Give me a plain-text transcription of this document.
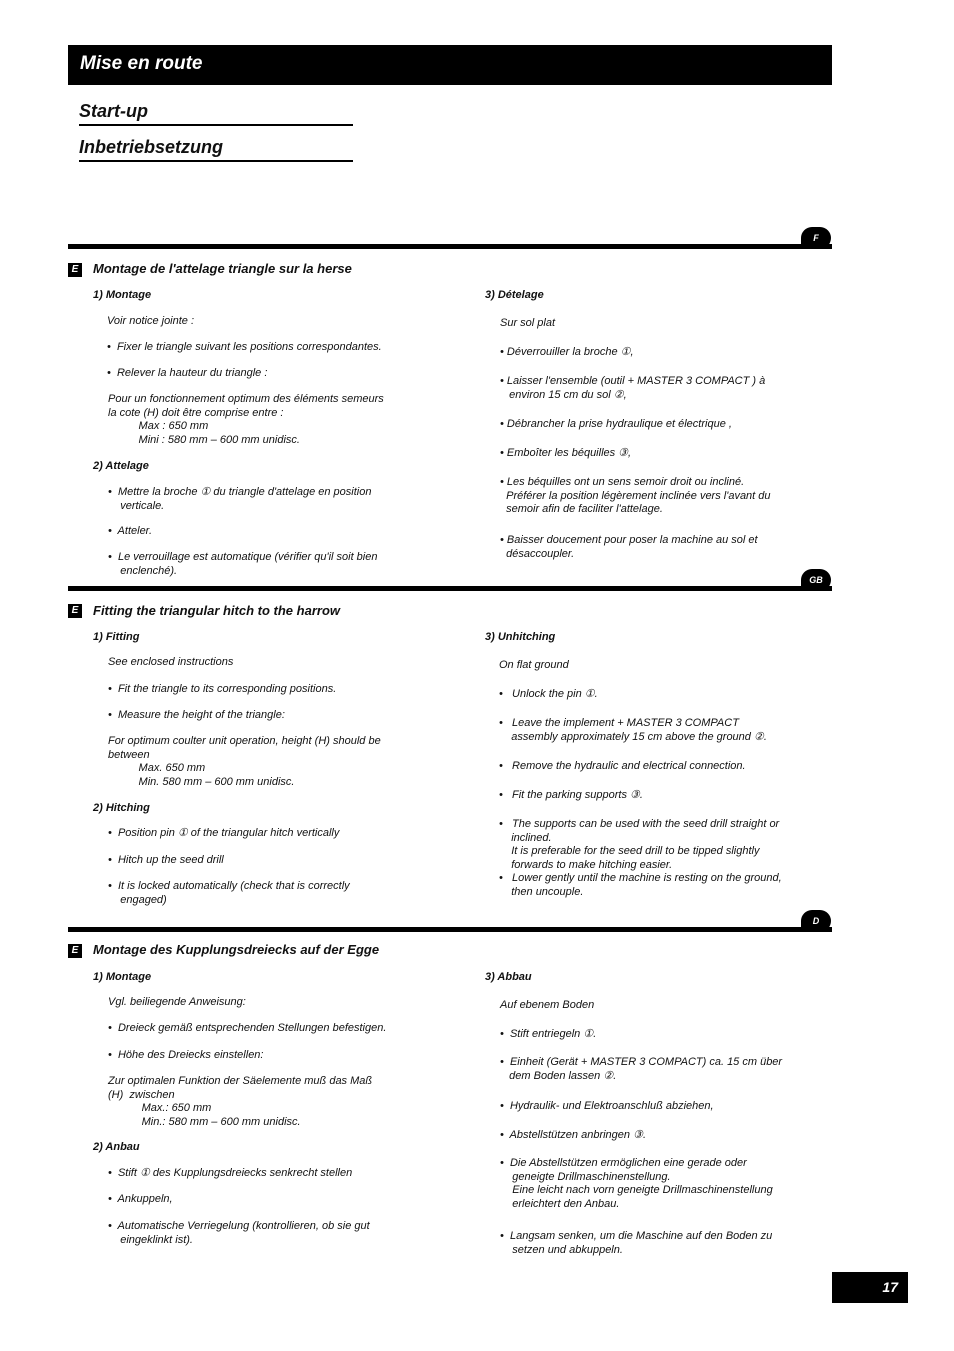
Mise en route
Start-up
Inbetriebsetzung
F
E Montage de l'attelage triangle sur la herse
1) Montage
Voir notice jointe :
•  Fixer le triangle suivant les positions correspondantes.
•  Relever la hauteur du triangle :
Pour un fonctionnement optimum des éléments semeurs
la cote (H) doit être comprise entre :
Max : 650 mm
Mini : 580 mm – 600 mm unidisc.
2) Attelage
•  Mettre la broche ① du triangle d'attelage en position
verticale.
•  Atteler.
•  Le verrouillage est automatique (vérifier qu'il soit bien
enclenché).
3) Dételage
Sur sol plat
• Déverrouiller la broche ①,
• Laisser l'ensemble (outil + MASTER 3 COMPACT ) à
environ 15 cm du sol ②,
• Débrancher la prise hydraulique et électrique ,
• Emboîter les béquilles ③,
• Les béquilles ont un sens semoir droit ou incliné.
Préférer la position légèrement inclinée vers l'avant du
semoir afin de faciliter l'attelage.
• Baisser doucement pour poser la machine au sol et
désaccoupler.
GB
E Fitting the triangular hitch to the harrow
1) Fitting
See enclosed instructions
•  Fit the triangle to its corresponding positions.
•  Measure the height of the triangle:
For optimum coulter unit operation, height (H) should be
between
Max. 650 mm
Min. 580 mm – 600 mm unidisc.
2) Hitching
•  Position pin ① of the triangular hitch vertically
•  Hitch up the seed drill
•  It is locked automatically (check that is correctly
engaged)
3) Unhitching
On flat ground
•   Unlock the pin ①.
•   Leave the implement + MASTER 3 COMPACT
assembly approximately 15 cm above the ground ②.
•   Remove the hydraulic and electrical connection.
•   Fit the parking supports ③.
•   The supports can be used with the seed drill straight or
inclined.
It is preferable for the seed drill to be tipped slightly
forwards to make hitching easier.
•   Lower gently until the machine is resting on the ground,
then uncouple.
D
E Montage des Kupplungsdreiecks auf der Egge
1) Montage
Vgl. beiliegende Anweisung:
•  Dreieck gemäß entsprechenden Stellungen befestigen.
•  Höhe des Dreiecks einstellen:
Zur optimalen Funktion der Säelemente muß das Maß
(H)  zwischen
Max.: 650 mm
Min.: 580 mm – 600 mm unidisc.
2) Anbau
•  Stift ① des Kupplungsdreiecks senkrecht stellen
•  Ankuppeln,
•  Automatische Verriegelung (kontrollieren, ob sie gut
eingeklinkt ist).
3) Abbau
Auf ebenem Boden
•  Stift entriegeln ①.
•  Einheit (Gerät + MASTER 3 COMPACT) ca. 15 cm über
dem Boden lassen ②.
•  Hydraulik- und Elektroanschluß abziehen,
•  Abstellstützen anbringen ③.
•  Die Abstellstützen ermöglichen eine gerade oder
geneigte Drillmaschinenstellung.
Eine leicht nach vorn geneigte Drillmaschinenstellung
erleichtert den Anbau.
•  Langsam senken, um die Maschine auf den Boden zu
setzen und abkuppeln.
17
